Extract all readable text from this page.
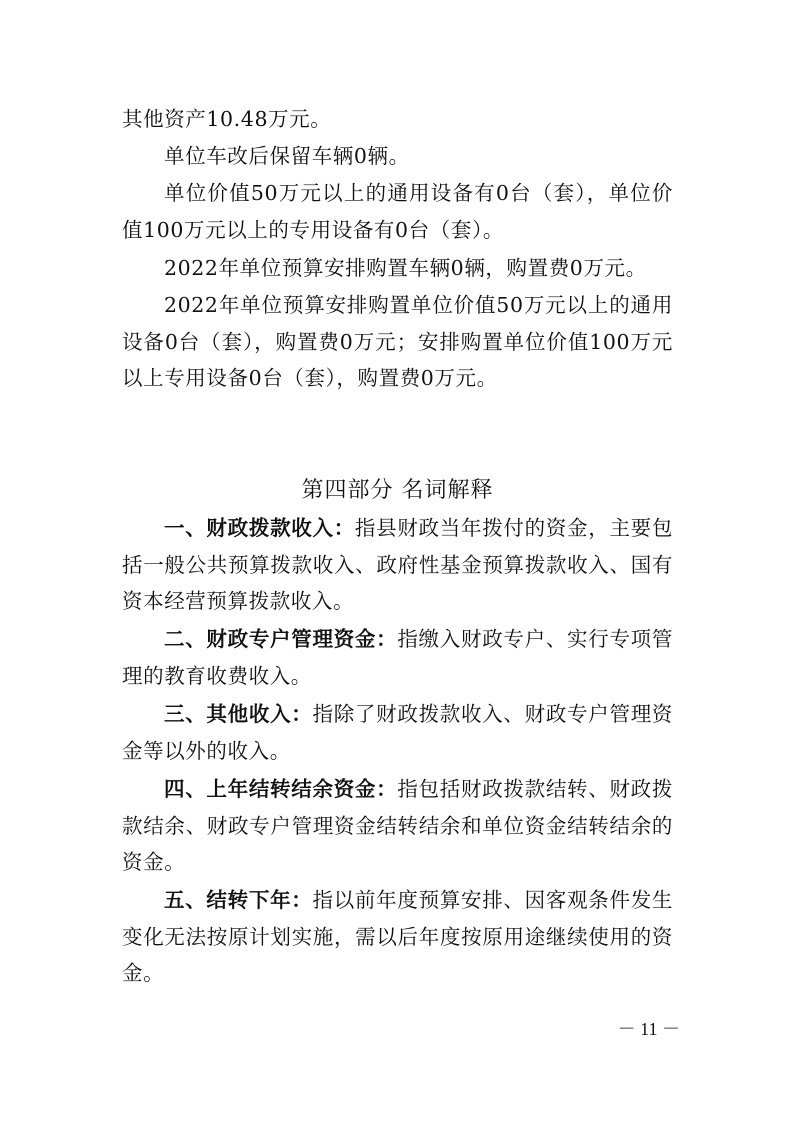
其他资产10.48万元。

单位车改后保留车辆0辆。

单位价值50万元以上的通用设备有0台（套），单位价值100万元以上的专用设备有0台（套）。

2022年单位预算安排购置车辆0辆，购置费0万元。

2022年单位预算安排购置单位价值50万元以上的通用设备0台（套），购置费0万元；安排购置单位价值100万元以上专用设备0台（套），购置费0万元。

第四部分 名词解释

一、财政拨款收入：指县财政当年拨付的资金，主要包括一般公共预算拨款收入、政府性基金预算拨款收入、国有资本经营预算拨款收入。

二、财政专户管理资金：指缴入财政专户、实行专项管理的教育收费收入。

三、其他收入：指除了财政拨款收入、财政专户管理资金等以外的收入。

四、上年结转结余资金：指包括财政拨款结转、财政拨款结余、财政专户管理资金结转结余和单位资金结转结余的资金。

五、结转下年：指以前年度预算安排、因客观条件发生变化无法按原计划实施，需以后年度按原用途继续使用的资金。

－ 11 －
